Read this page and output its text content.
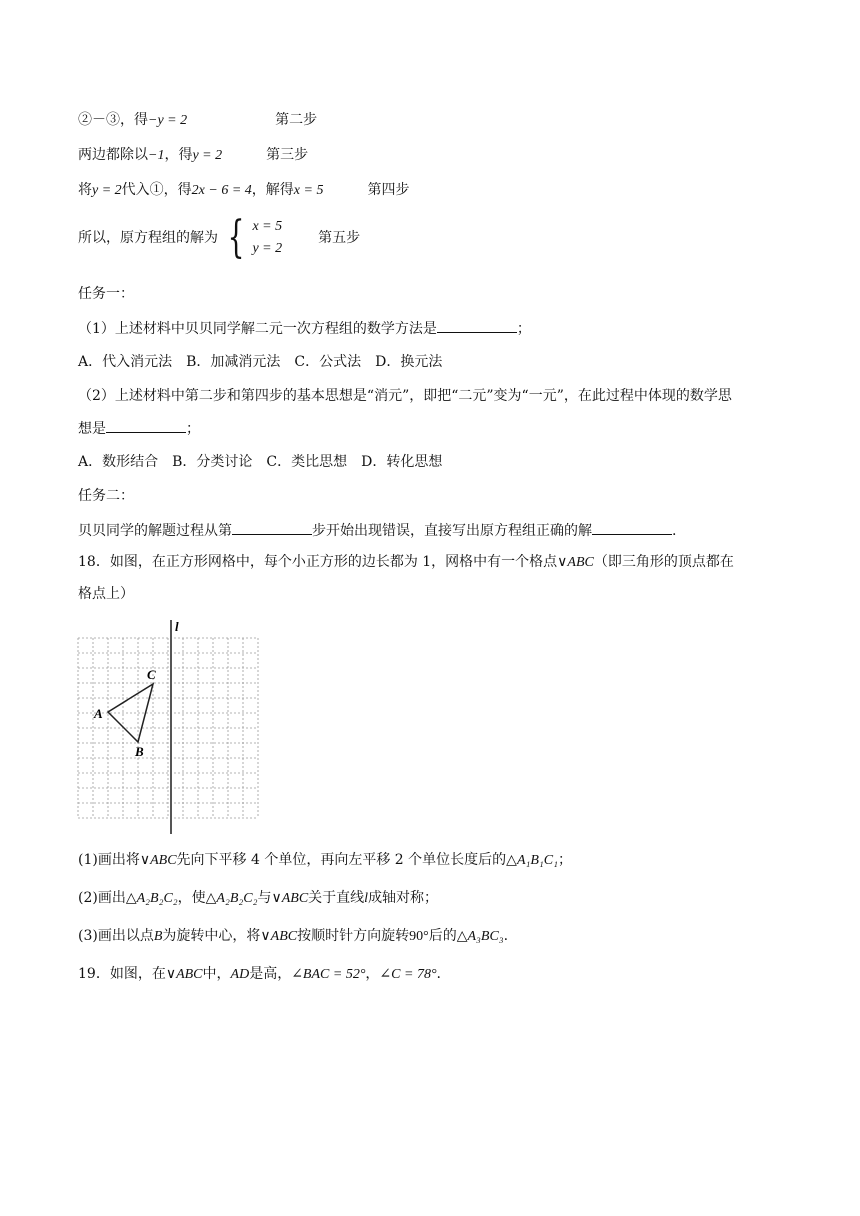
②－③，得−y = 2	第二步
两边都除以−1，得y = 2	第三步
将y = 2代入①，得2x − 6 = 4，解得x = 5	第四步
所以，原方程组的解为 { x = 5
y = 2
第五步
任务一：
（1）上述材料中贝贝同学解二元一次方程组的数学方法是	；
A．代入消元法　B．加减消元法　C．公式法　D．换元法
（2）上述材料中第二步和第四步的基本思想是“消元”，即把“二元”变为“一元”，在此过程中体现的数学思
想是	；
A．数形结合　B．分类讨论　C．类比思想　D．转化思想
任务二：
贝贝同学的解题过程从第	步开始出现错误，直接写出原方程组正确的解	.
18．如图，在正方形网格中，每个小正方形的边长都为 1，网格中有一个格点∨ABC（即三角形的顶点都在
格点上）
l
A
B
C
(1)画出将∨ABC先向下平移 4 个单位，再向左平移 2 个单位长度后的△A₁B₁C₁；
(2)画出△A₂B₂C₂，使△A₂B₂C₂与∨ABC关于直线l成轴对称；
(3)画出以点B为旋转中心，将∨ABC按顺时针方向旋转90°后的△A₃BC₃.
19．如图，在∨ABC中，AD是高，∠BAC = 52°，∠C = 78°.
